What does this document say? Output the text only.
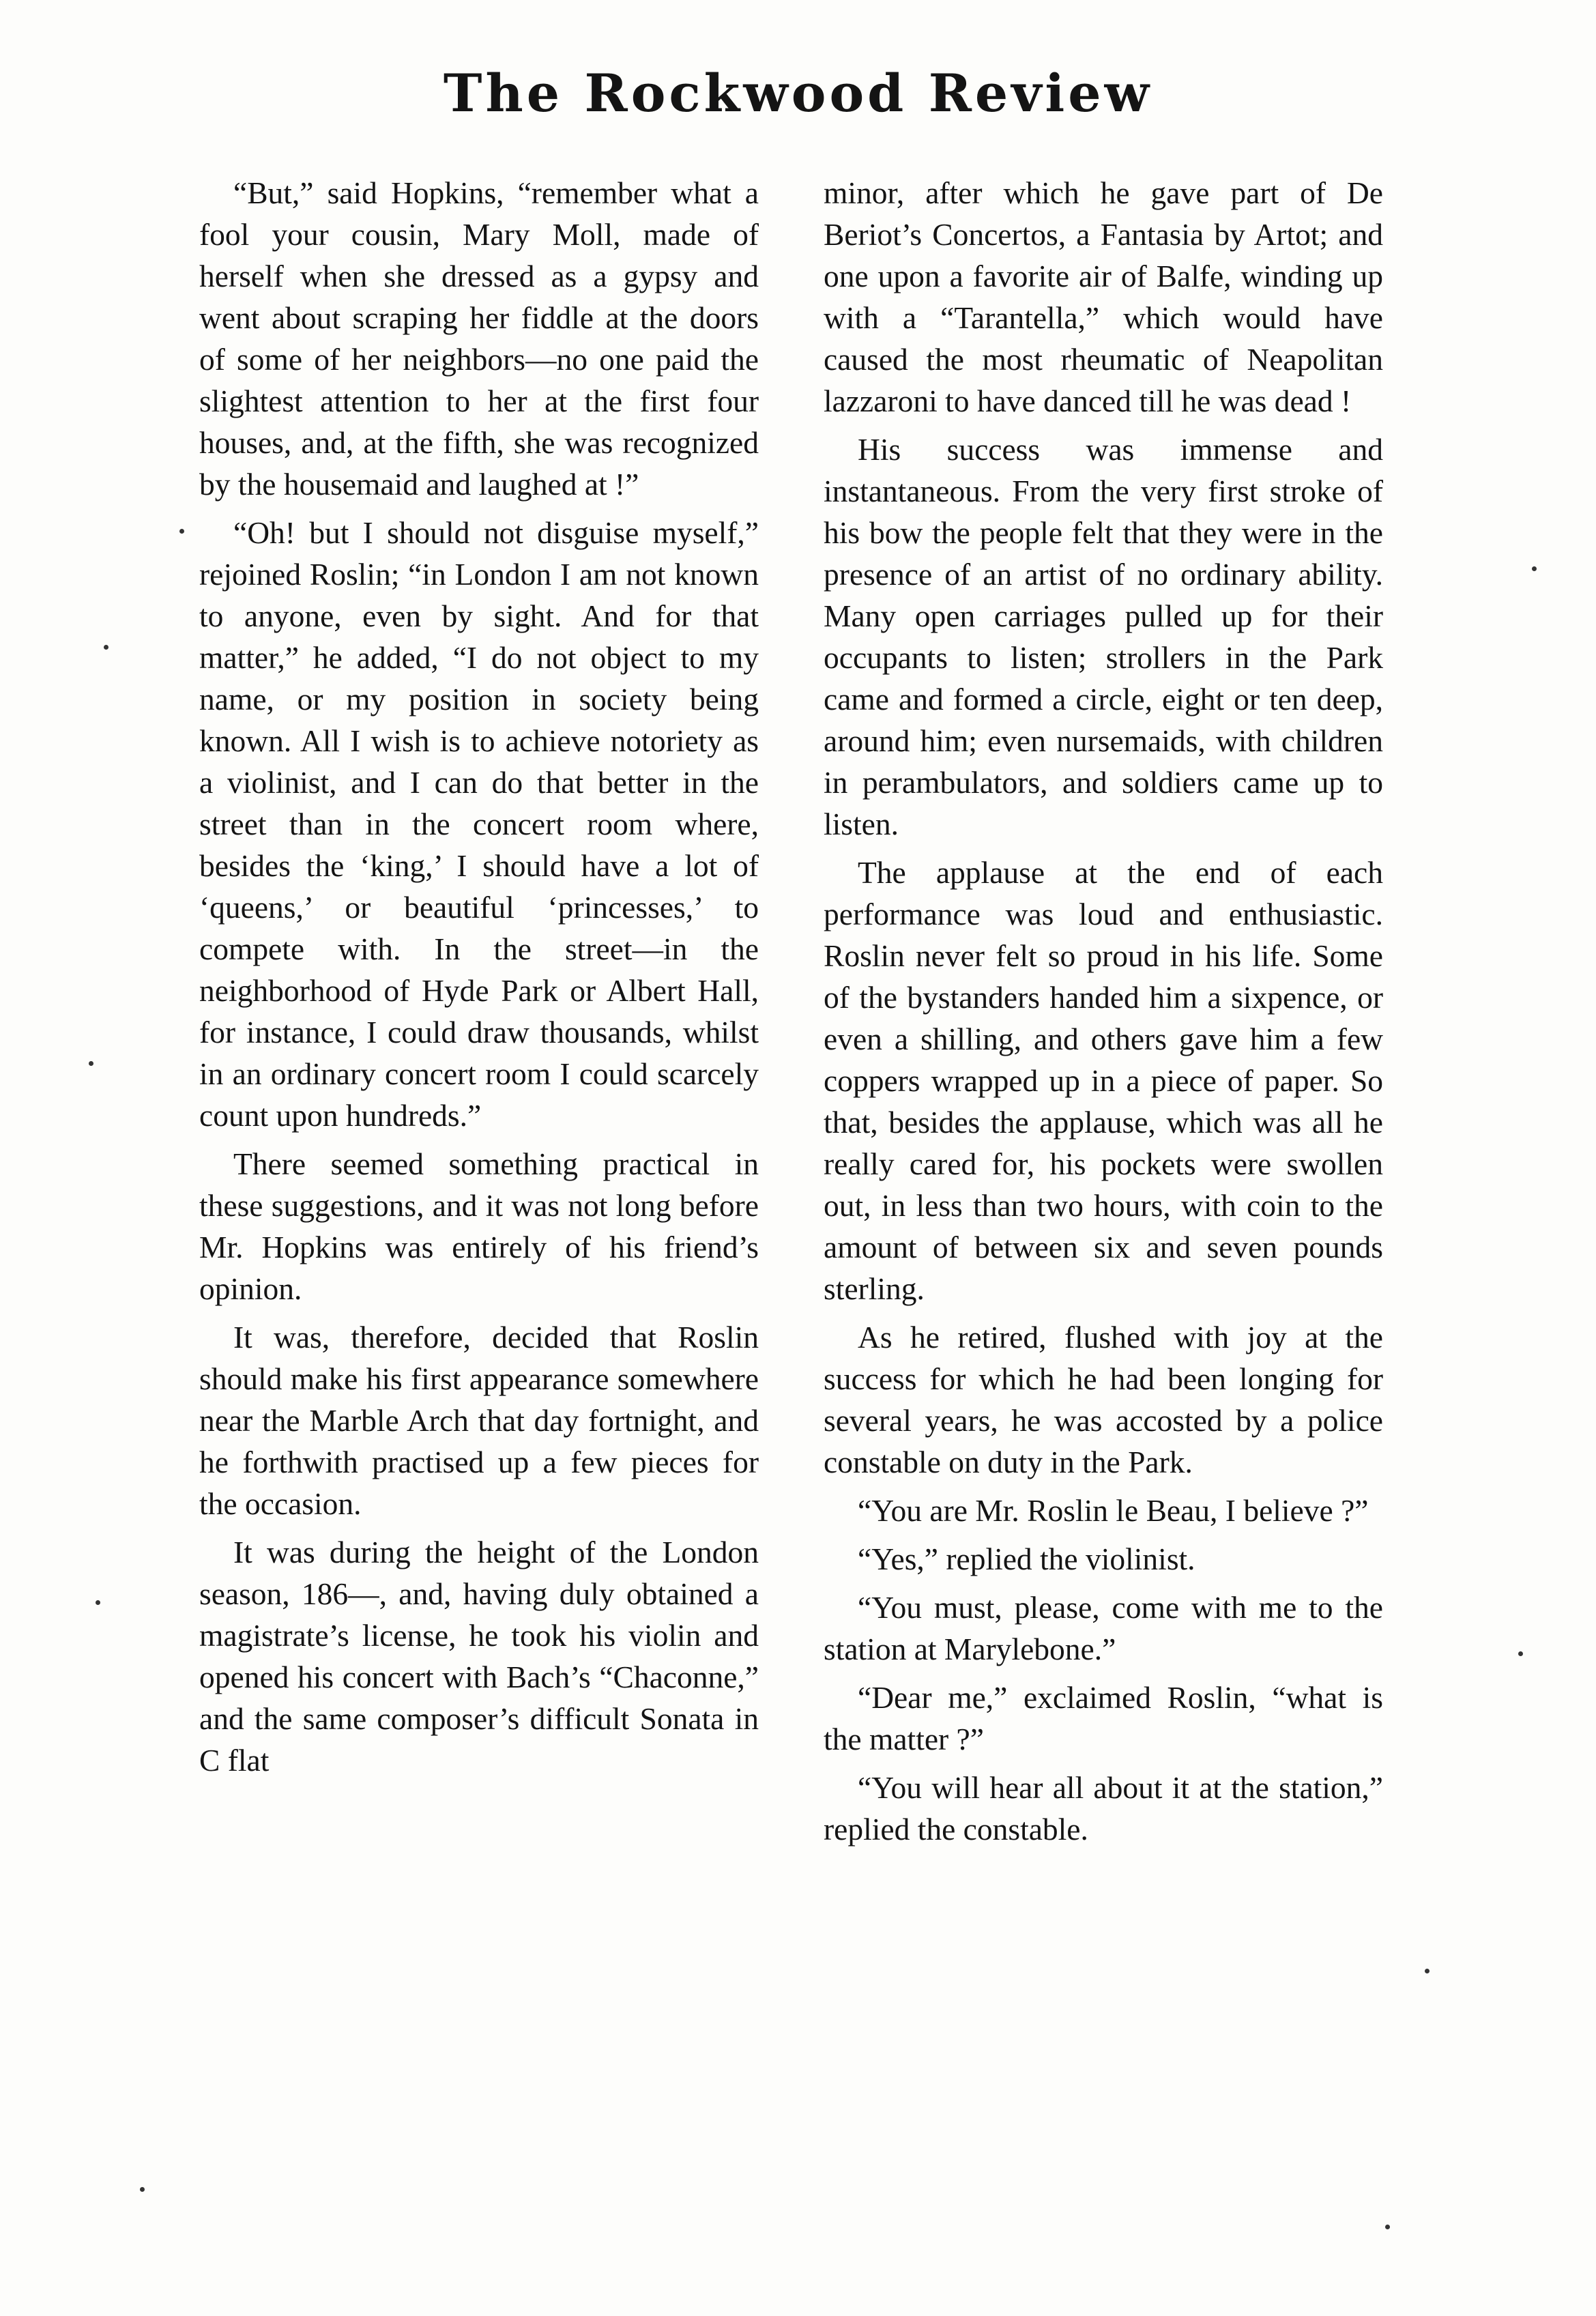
The Rockwood Review

“But,” said Hopkins, “remember what a fool your cousin, Mary Moll, made of herself when she dressed as a gypsy and went about scraping her fiddle at the doors of some of her neighbors—no one paid the slightest attention to her at the first four houses, and, at the fifth, she was recognized by the housemaid and laughed at !”

“Oh! but I should not disguise myself,” rejoined Roslin; “in London I am not known to anyone, even by sight. And for that matter,” he added, “I do not object to my name, or my position in society being known. All I wish is to achieve notoriety as a violinist, and I can do that better in the street than in the concert room where, besides the ‘king,’ I should have a lot of ‘queens,’ or beautiful ‘princesses,’ to compete with. In the street—in the neighborhood of Hyde Park or Albert Hall, for instance, I could draw thousands, whilst in an ordinary concert room I could scarcely count upon hundreds.”

There seemed something practical in these suggestions, and it was not long before Mr. Hopkins was entirely of his friend’s opinion.

It was, therefore, decided that Roslin should make his first appearance somewhere near the Marble Arch that day fortnight, and he forthwith practised up a few pieces for the occasion.

It was during the height of the London season, 186—, and, having duly obtained a magistrate’s license, he took his violin and opened his concert with Bach’s “Chaconne,” and the same composer’s difficult Sonata in C flat

minor, after which he gave part of De Beriot’s Concertos, a Fantasia by Artot; and one upon a favorite air of Balfe, winding up with a “Tarantella,” which would have caused the most rheumatic of Neapolitan lazzaroni to have danced till he was dead !

His success was immense and instantaneous. From the very first stroke of his bow the people felt that they were in the presence of an artist of no ordinary ability. Many open carriages pulled up for their occupants to listen; strollers in the Park came and formed a circle, eight or ten deep, around him; even nursemaids, with children in perambulators, and soldiers came up to listen.

The applause at the end of each performance was loud and enthusiastic. Roslin never felt so proud in his life. Some of the bystanders handed him a sixpence, or even a shilling, and others gave him a few coppers wrapped up in a piece of paper. So that, besides the applause, which was all he really cared for, his pockets were swollen out, in less than two hours, with coin to the amount of between six and seven pounds sterling.

As he retired, flushed with joy at the success for which he had been longing for several years, he was accosted by a police constable on duty in the Park.

“You are Mr. Roslin le Beau, I believe ?”

“Yes,” replied the violinist.

“You must, please, come with me to the station at Marylebone.”

“Dear me,” exclaimed Roslin, “what is the matter ?”

“You will hear all about it at the station,” replied the constable.
